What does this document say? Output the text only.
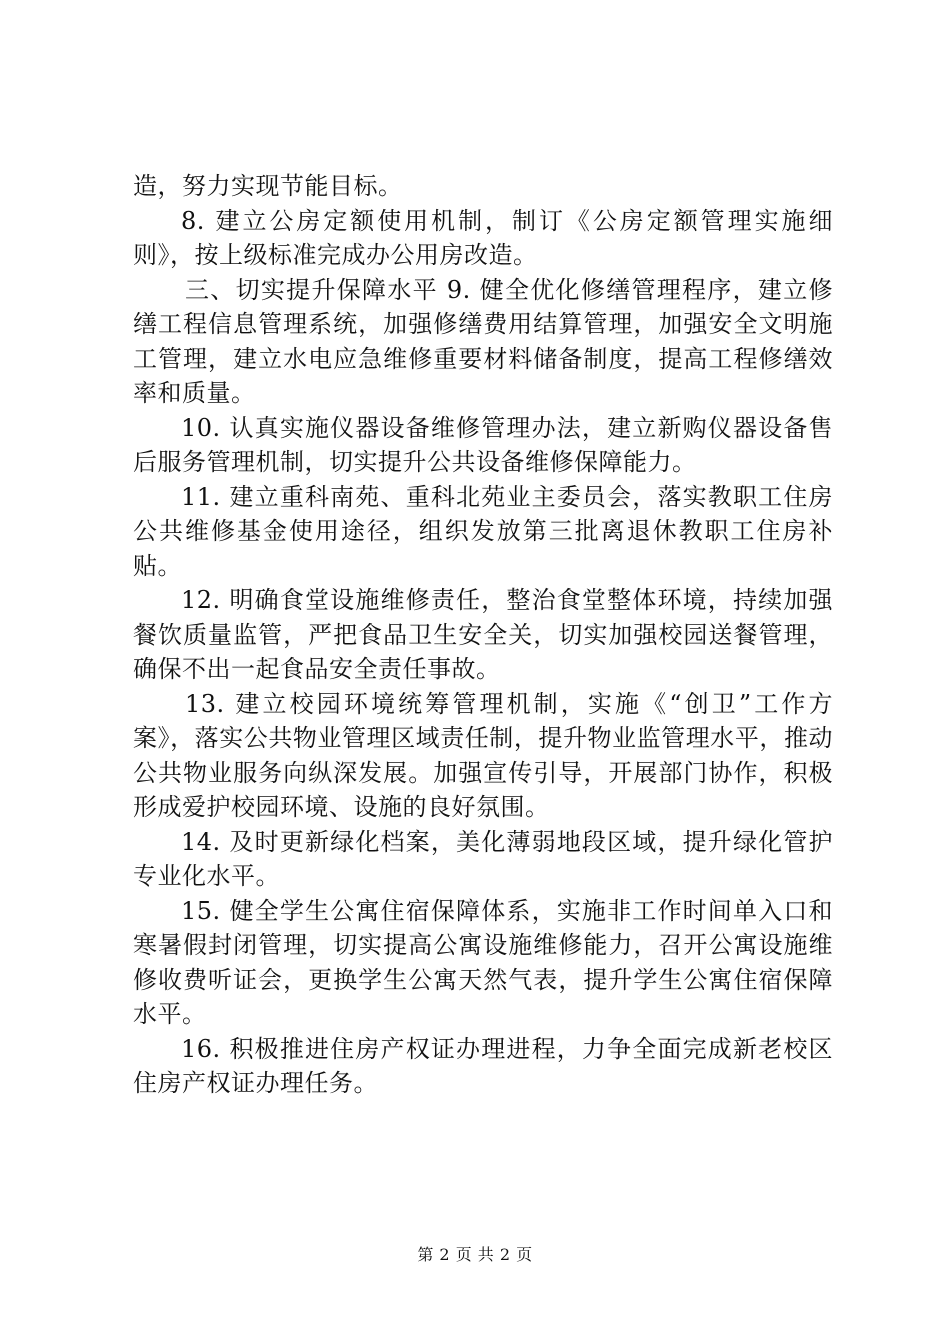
造，努力实现节能目标。

8. 建立公房定额使用机制，制订《公房定额管理实施细则》，按上级标准完成办公用房改造。

三、切实提升保障水平 9. 健全优化修缮管理程序，建立修缮工程信息管理系统，加强修缮费用结算管理，加强安全文明施工管理，建立水电应急维修重要材料储备制度，提高工程修缮效率和质量。

10. 认真实施仪器设备维修管理办法，建立新购仪器设备售后服务管理机制，切实提升公共设备维修保障能力。

11. 建立重科南苑、重科北苑业主委员会，落实教职工住房公共维修基金使用途径，组织发放第三批离退休教职工住房补贴。

12. 明确食堂设施维修责任，整治食堂整体环境，持续加强餐饮质量监管，严把食品卫生安全关，切实加强校园送餐管理，确保不出一起食品安全责任事故。

13. 建立校园环境统筹管理机制，实施《“创卫”工作方案》，落实公共物业管理区域责任制，提升物业监管理水平，推动公共物业服务向纵深发展。加强宣传引导，开展部门协作，积极形成爱护校园环境、设施的良好氛围。

14. 及时更新绿化档案，美化薄弱地段区域，提升绿化管护专业化水平。

15. 健全学生公寓住宿保障体系，实施非工作时间单入口和寒暑假封闭管理，切实提高公寓设施维修能力，召开公寓设施维修收费听证会，更换学生公寓天然气表，提升学生公寓住宿保障水平。

16. 积极推进住房产权证办理进程，力争全面完成新老校区住房产权证办理任务。

第 2 页 共 2 页
